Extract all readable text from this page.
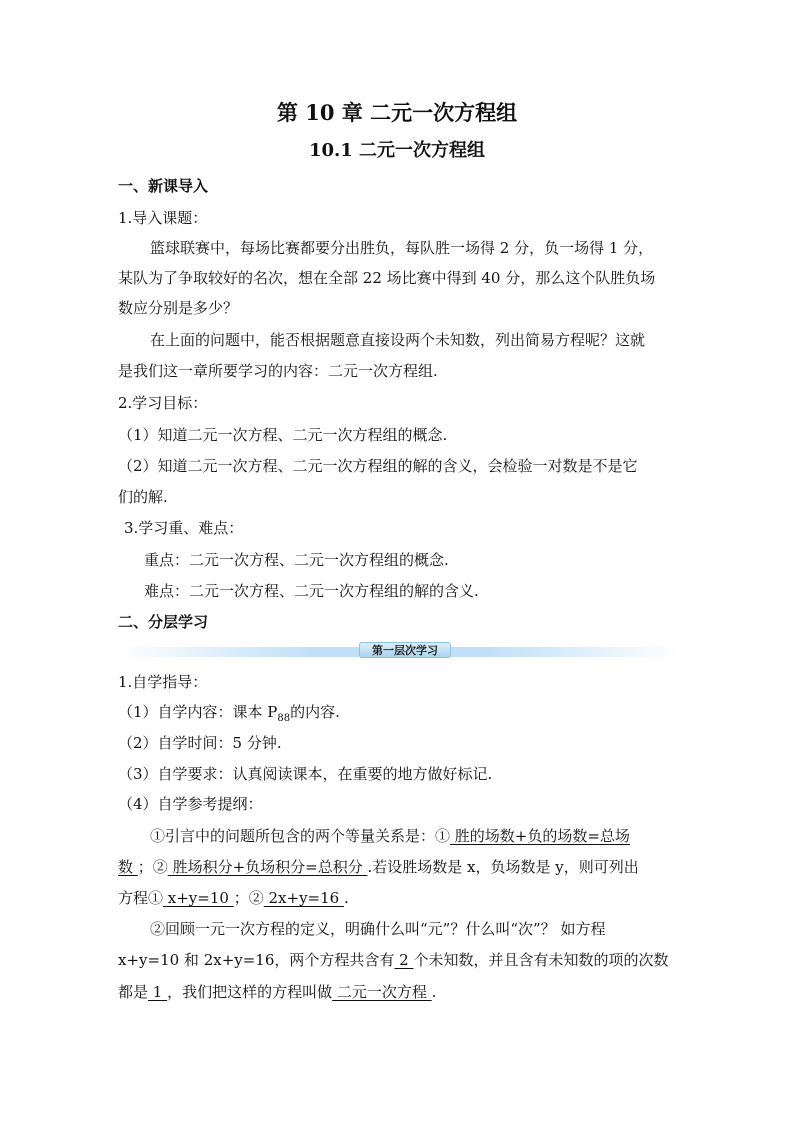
第 10 章 二元一次方程组
10.1 二元一次方程组
一、新课导入
1.导入课题：
篮球联赛中，每场比赛都要分出胜负，每队胜一场得 2 分，负一场得 1 分，
某队为了争取较好的名次，想在全部 22 场比赛中得到 40 分，那么这个队胜负场
数应分别是多少？
在上面的问题中，能否根据题意直接设两个未知数，列出简易方程呢？这就
是我们这一章所要学习的内容：二元一次方程组.
2.学习目标：
（1）知道二元一次方程、二元一次方程组的概念.
（2）知道二元一次方程、二元一次方程组的解的含义，会检验一对数是不是它
们的解.
3.学习重、难点：
重点：二元一次方程、二元一次方程组的概念.
难点：二元一次方程、二元一次方程组的解的含义.
二、分层学习
第一层次学习
1.自学指导：
（1）自学内容：课本 $P_{88}$的内容.
（2）自学时间：5 分钟.
（3）自学要求：认真阅读课本，在重要的地方做好标记.
（4）自学参考提纲：
①引言中的问题所包含的两个等量关系是：① 胜的场数+负的场数=总场
数 ；② 胜场积分+负场积分=总积分 .若设胜场数是 x，负场数是 y，则可列出
方程① x+y=10 ；② 2x+y=16 .
②回顾一元一次方程的定义，明确什么叫“元”？什么叫“次”？ 如方程
x+y=10 和 2x+y=16，两个方程共含有 2 个未知数，并且含有未知数的项的次数
都是 1 ，我们把这样的方程叫做 二元一次方程 .
